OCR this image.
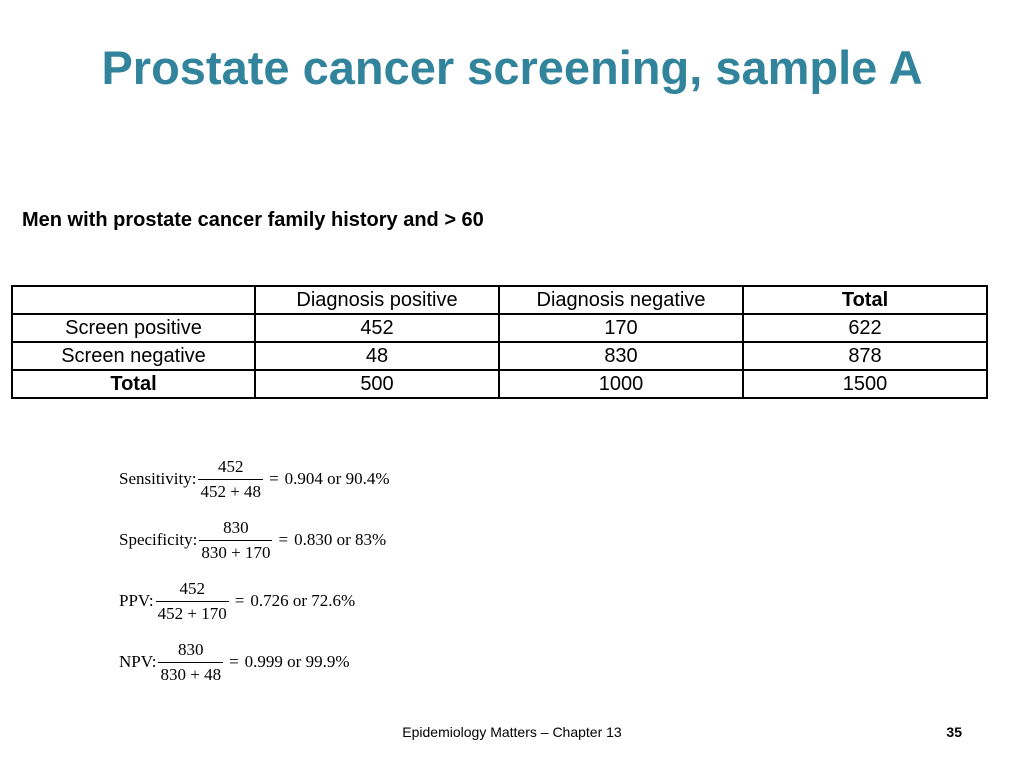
Prostate cancer screening, sample A
Men with prostate cancer family history and > 60
	Diagnosis positive	Diagnosis negative	Total
Screen positive	452	170	622
Screen negative	48	830	878
Total	500	1000	1500
Sensitivity: $\frac{452}{452 + 48} = 0.904$ or 90.4%
Specificity: $\frac{830}{830 + 170} = 0.830$ or 83%
PPV: $\frac{452}{452 + 170} = 0.726$ or 72.6%
NPV: $\frac{830}{830 + 48} = 0.999$ or 99.9%
Epidemiology Matters – Chapter 13	35
